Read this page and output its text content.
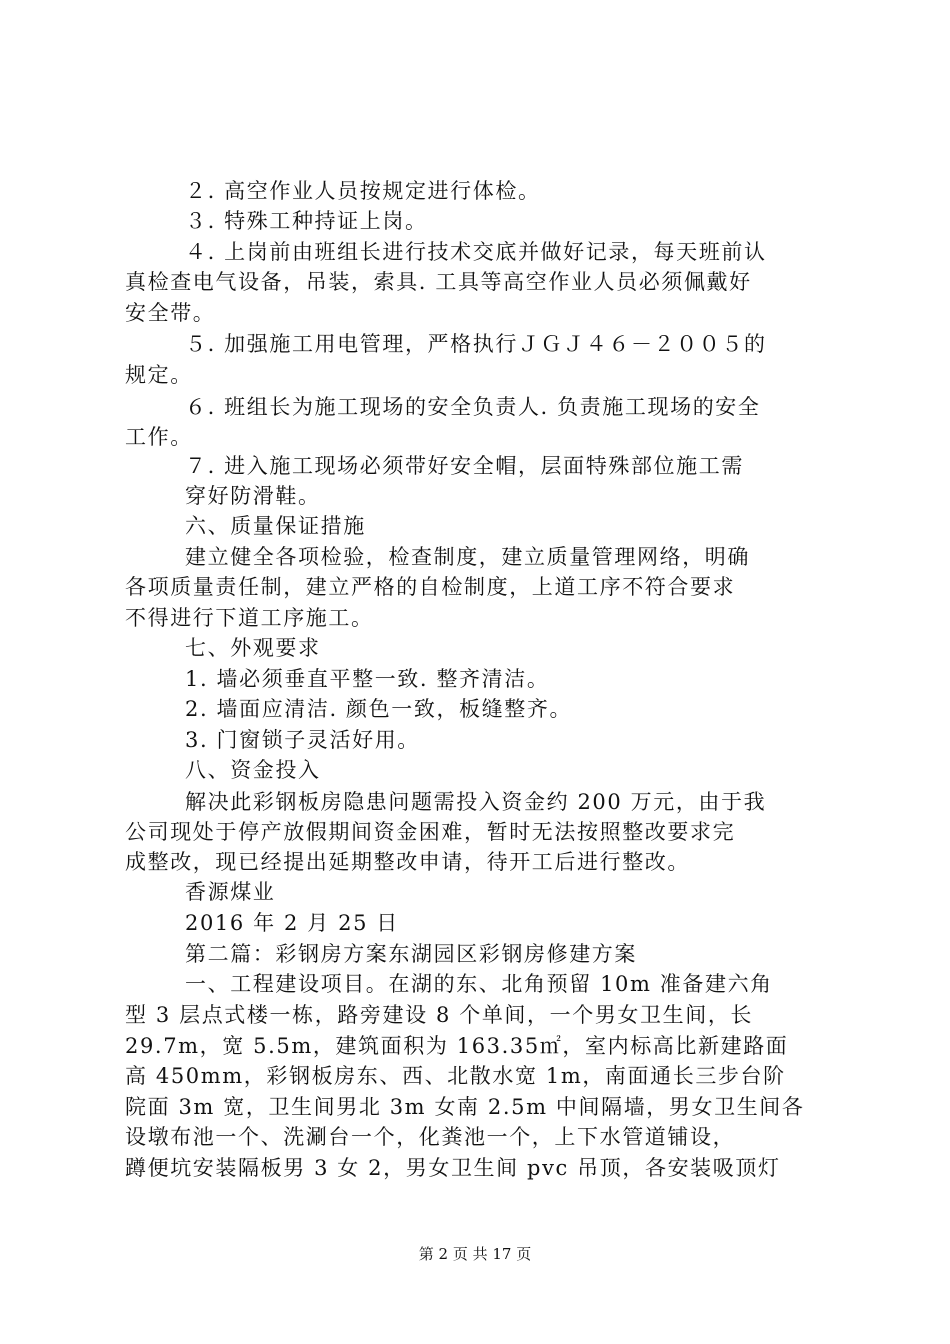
２. 高空作业人员按规定进行体检。
３. 特殊工种持证上岗。
４. 上岗前由班组长进行技术交底并做好记录，每天班前认
真检查电气设备，吊装，索具. 工具等高空作业人员必须佩戴好
安全带。
５. 加强施工用电管理，严格执行ＪＧＪ４６－２００５的
规定。
６. 班组长为施工现场的安全负责人. 负责施工现场的安全
工作。
７. 进入施工现场必须带好安全帽，层面特殊部位施工需
穿好防滑鞋。
六、质量保证措施
建立健全各项检验，检查制度，建立质量管理网络，明确
各项质量责任制，建立严格的自检制度，上道工序不符合要求
不得进行下道工序施工。
七、外观要求
1. 墙必须垂直平整一致. 整齐清洁。
2. 墙面应清洁. 颜色一致，板缝整齐。
3. 门窗锁子灵活好用。
八、资金投入
解决此彩钢板房隐患问题需投入资金约 200 万元，由于我
公司现处于停产放假期间资金困难，暂时无法按照整改要求完
成整改，现已经提出延期整改申请，待开工后进行整改。
香源煤业
2016 年 2 月 25 日
第二篇：彩钢房方案东湖园区彩钢房修建方案
一、工程建设项目。在湖的东、北角预留 10m 准备建六角
型 3 层点式楼一栋，路旁建设 8 个单间，一个男女卫生间，长
29.7m，宽 5.5m，建筑面积为 163.35㎡，室内标高比新建路面
高 450mm，彩钢板房东、西、北散水宽 1m，南面通长三步台阶
院面 3m 宽，卫生间男北 3m 女南 2.5m 中间隔墙，男女卫生间各
设墩布池一个、洗涮台一个，化粪池一个，上下水管道铺设，
蹲便坑安装隔板男 3 女 2，男女卫生间 pvc 吊顶，各安装吸顶灯
第 2 页 共 17 页
